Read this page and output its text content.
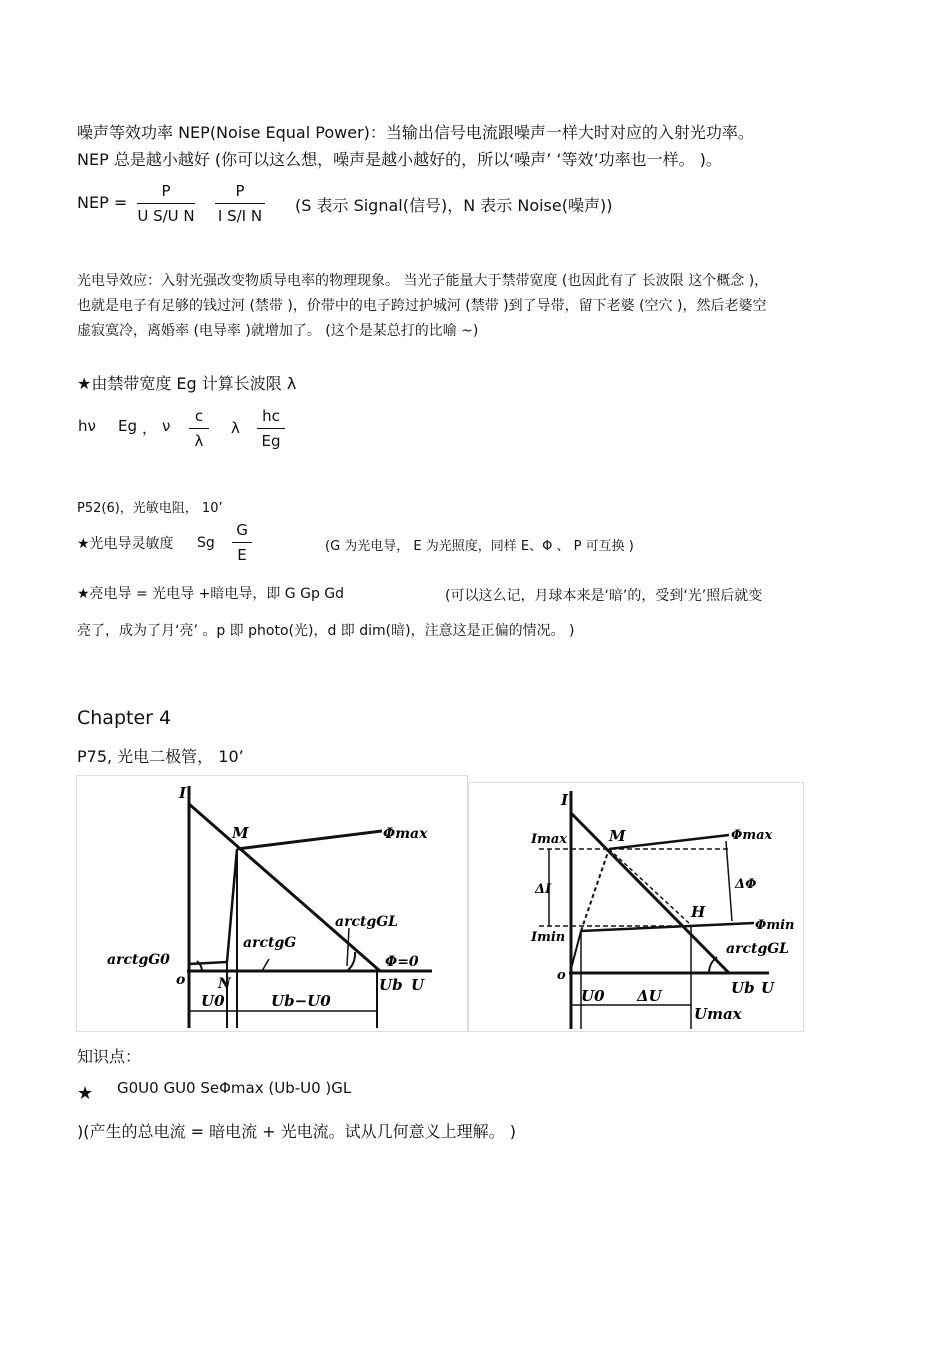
噪声等效功率 NEP(Noise Equal Power)：当输出信号电流跟噪声一样大时对应的入射光功率。
NEP 总是越小越好 (你可以这么想，噪声是越小越好的，所以‘噪声’ ‘等效’功率也一样。 )。
NEP = $\frac{P}{\text{U S/U N}} \frac{P}{\text{I S/I N}} (S$ 表示 Signal(信号)，N 表示 Noise(噪声))
光电导效应：入射光强改变物质导电率的物理现象。 当光子能量大于禁带宽度 (也因此有了 长波限 这个概念 )，
也就是电子有足够的钱过河 (禁带 )，价带中的电子跨过护城河 (禁带 )到了导带，留下老婆 (空穴 )，然后老婆空
虚寂寞冷，离婚率 (电导率 )就增加了。 (这个是某总打的比喻 ~)
★由禁带宽度 Eg 计算长波限 λ
hν Eg ， ν $\frac{c}{\lambda}$ λ $\frac{hc}{Eg}$
P52(6)，光敏电阻， 10’
★光电导灵敏度 Sg $\frac{G}{E}$	(G 为光电导， E 为光照度，同样 E、Φ 、 P 可互换 )
★亮电导 = 光电导 +暗电导，即 G Gp Gd	(可以这么记，月球本来是‘暗’的，受到‘光’照后就变
亮了，成为了月‘亮’ 。p 即 photo(光)，d 即 dim(暗)，注意这是正偏的情况。 )
Chapter 4
P75, 光电二极管， 10’
I
M	Φmax
arctgGL
arctgG
arctgG0	Φ=0
o N
U0	Ub−U0
Ub U
I
Imax	M	Φmax
ΔI	ΔΦ
H
Φmin
Imin
arctgGL
o
U0 ΔU	Ub U
Umax
知识点：
★ G0U0 GU0 SeΦmax (Ub-U0 )GL
)(产生的总电流 = 暗电流 + 光电流。试从几何意义上理解。 )
